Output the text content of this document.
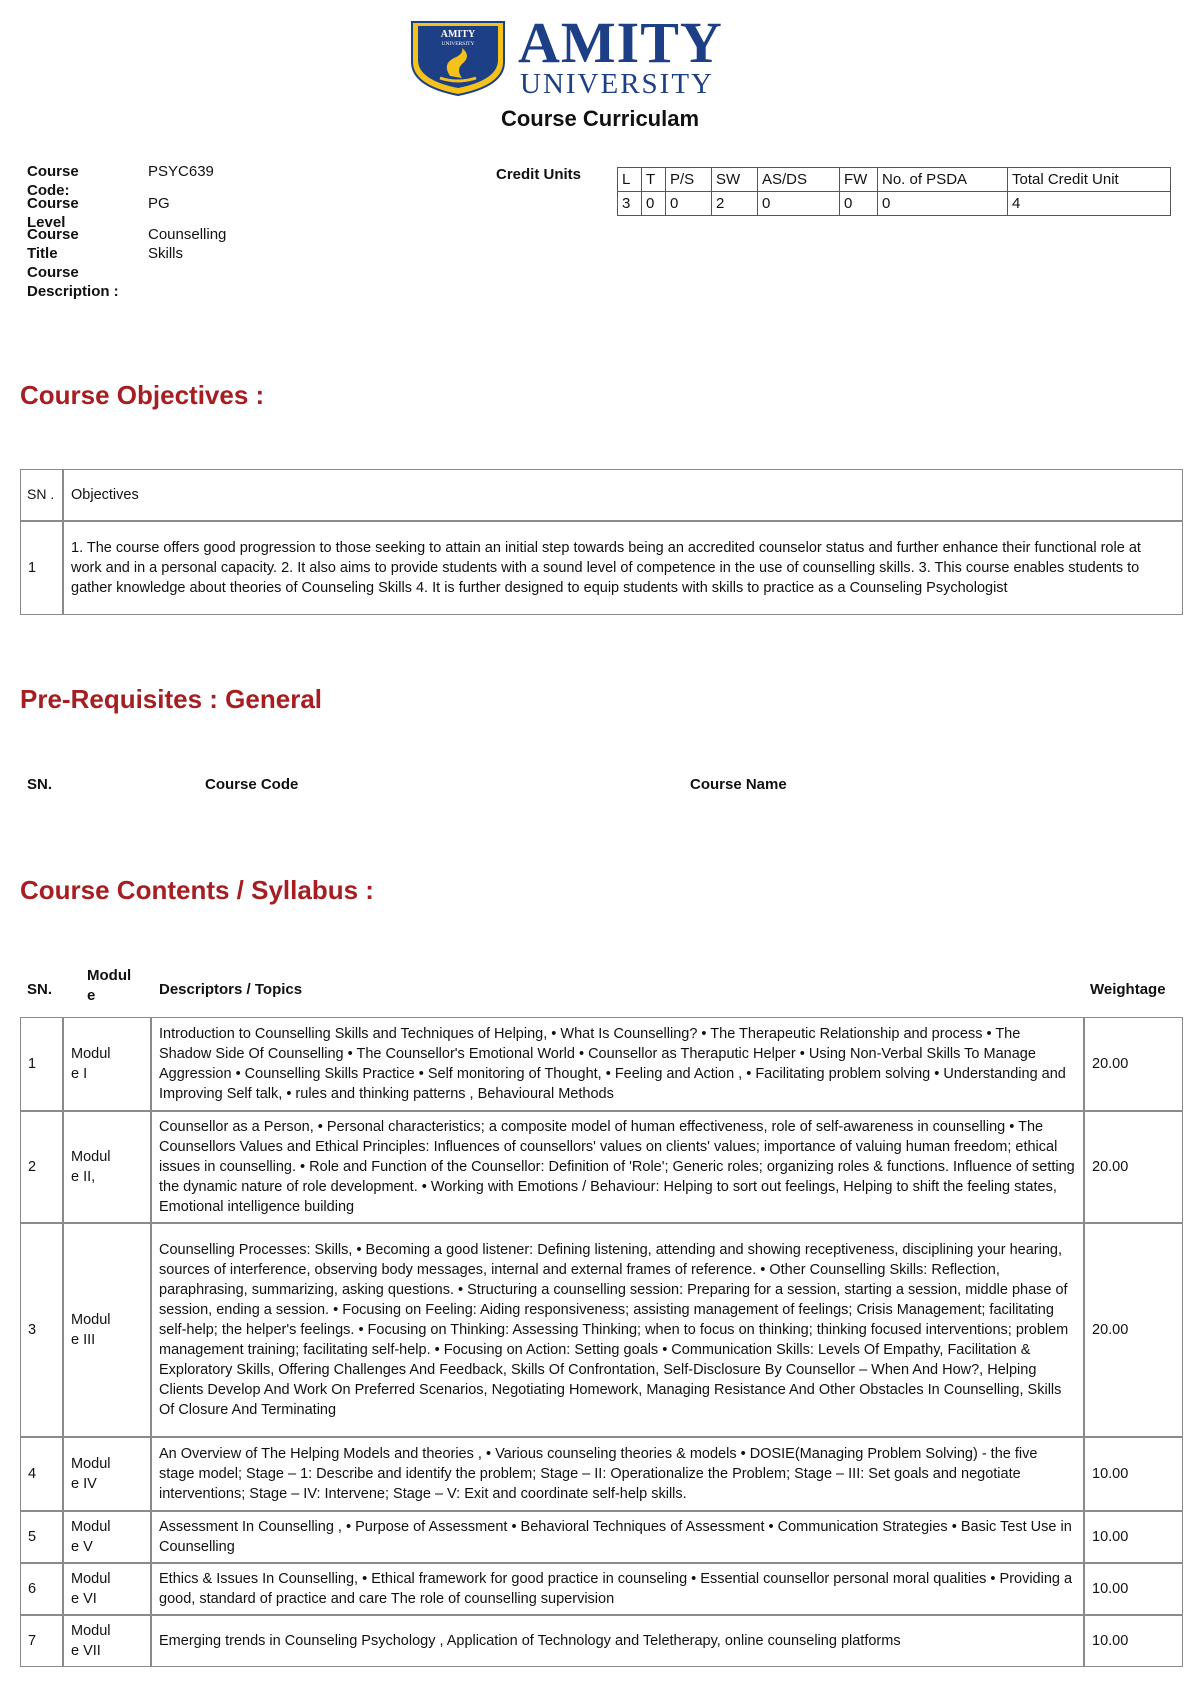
AMITY
UNIVERSITY AMITY
UNIVERSITY
Course Curriculam
Course Code:
PSYC639
Course Level
PG
Course Title
Counselling Skills
Course
Description :
Credit Units	L	T	P/S	SW	AS/DS	FW	No. of PSDA	Total Credit Unit
3	0	0	2	0	0	0	4
Course Objectives :
SN .	Objectives
1	1. The course offers good progression to those seeking to attain an initial step towards being an accredited counselor status and further enhance their functional role at work and in a personal capacity. 2. It also aims to provide students with a sound level of competence in the use of counselling skills. 3. This course enables students to gather knowledge about theories of Counseling Skills 4. It is further designed to equip students with skills to practice as a Counseling Psychologist
Pre-Requisites : General
SN.	Course Code	Course Name
Course Contents / Syllabus :
SN.
Modul
e	Descriptors / Topics	Weightage
1	Modul
e I	Introduction to Counselling Skills and Techniques of Helping, • What Is Counselling? • The Therapeutic Relationship and process • The Shadow Side Of Counselling • The Counsellor's Emotional World • Counsellor as Theraputic Helper • Using Non-Verbal Skills To Manage Aggression • Counselling Skills Practice • Self monitoring of Thought, • Feeling and Action , • Facilitating problem solving • Understanding and Improving Self talk, • rules and thinking patterns , Behavioural Methods	20.00
2	Modul
e II,	Counsellor as a Person, • Personal characteristics; a composite model of human effectiveness, role of self-awareness in counselling • The Counsellors Values and Ethical Principles: Influences of counsellors' values on clients' values; importance of valuing human freedom; ethical issues in counselling. • Role and Function of the Counsellor: Definition of 'Role'; Generic roles; organizing roles & functions. Influence of setting the dynamic nature of role development. • Working with Emotions / Behaviour: Helping to sort out feelings, Helping to shift the feeling states, Emotional intelligence building	20.00
3	Modul
e III	Counselling Processes: Skills, • Becoming a good listener: Defining listening, attending and showing receptiveness, disciplining your hearing, sources of interference, observing body messages, internal and external frames of reference. • Other Counselling Skills: Reflection, paraphrasing, summarizing, asking questions. • Structuring a counselling session: Preparing for a session, starting a session, middle phase of session, ending a session. • Focusing on Feeling: Aiding responsiveness; assisting management of feelings; Crisis Management; facilitating self-help; the helper's feelings. • Focusing on Thinking: Assessing Thinking; when to focus on thinking; thinking focused interventions; problem management training; facilitating self-help. • Focusing on Action: Setting goals • Communication Skills: Levels Of Empathy, Facilitation & Exploratory Skills, Offering Challenges And Feedback, Skills Of Confrontation, Self-Disclosure By Counsellor – When And How?, Helping Clients Develop And Work On Preferred Scenarios, Negotiating Homework, Managing Resistance And Other Obstacles In Counselling, Skills Of Closure And Terminating	20.00
4	Modul
e IV	An Overview of The Helping Models and theories , • Various counseling theories & models • DOSIE(Managing Problem Solving) - the five stage model; Stage – 1: Describe and identify the problem; Stage – II: Operationalize the Problem; Stage – III: Set goals and negotiate interventions; Stage – IV: Intervene; Stage – V: Exit and coordinate self-help skills.	10.00
5	Modul
e V	Assessment In Counselling , • Purpose of Assessment • Behavioral Techniques of Assessment • Communication Strategies • Basic Test Use in Counselling	10.00
6	Modul
e VI	Ethics & Issues In Counselling, • Ethical framework for good practice in counseling • Essential counsellor personal moral qualities • Providing a good, standard of practice and care The role of counselling supervision	10.00
7	Modul
e VII	Emerging trends in Counseling Psychology , Application of Technology and Teletherapy, online counseling platforms	10.00
